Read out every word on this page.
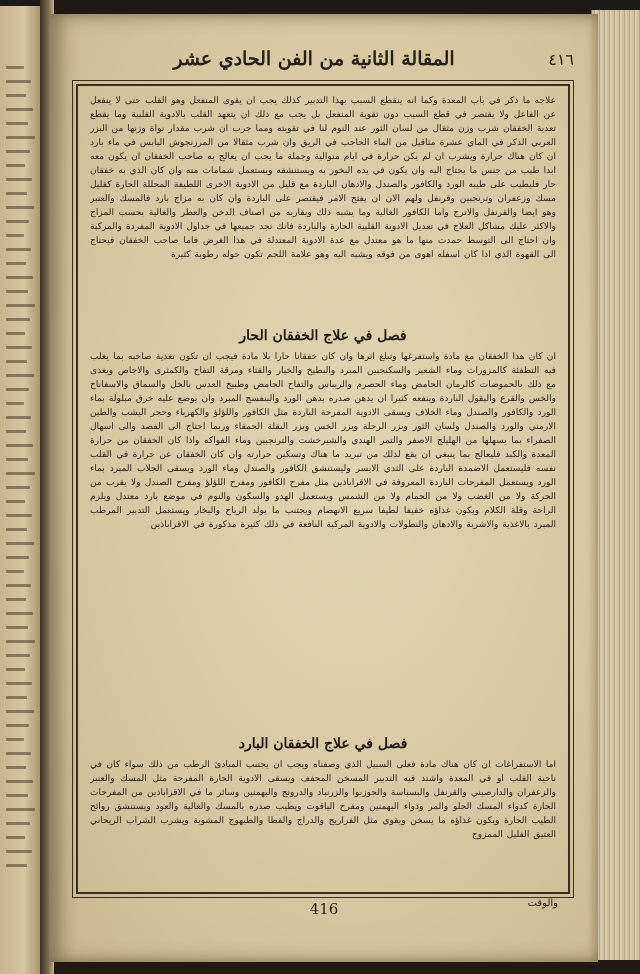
المقالة الثانية من الفن الحادي عشر	٤١٦

علاجه ما ذكر في باب المعدة وكما انه ينقطع السبب بهذا التدبير كذلك يجب ان يقوى المنفعل وهو القلب حتى لا ينفعل عن الفاعل ولا يقتصر في قطع السبب دون تقوية المنفعل بل يجب مع ذلك ان يتعهد القلب بالادوية القلبية وما يقطع تعدية الخفقان شرب وزن مثقال من لسان الثور عند النوم لنا في تقويته ومما جرب ان شرب مقدار نواة وزنها من البزر العربي الذكر في الماي عشرة مثاقيل من الماء الحاجب في الريق وان شرب مثقالا من المرزنجوش اليابس في ماء بارد ان كان هناك حرارة ويشرب ان لم يكن حرارة في ايام متوالية وجملة ما يجب ان يعالج به صاحب الخفقان ان يكون معه ابدا طيب من جنس ما يحتاج اليه وان يكون في يده البخور به ويستنشقه ويستعمل شمامات منه وان كان الذي به خفقان حار فليطيب على طيبه الورد والكافور والصندل والادهان الباردة مع قليل من الادوية الاخرى اللطيفة المحللة الحارة كقليل مسك وزعفران وترنجبين وقرنفل ولهم الان ان يفتح الامر فيقتصر على الباردة وان كان به مزاج بارد فالمسك والعنبر وهو ايضا والقرنفل والاترج واما الكافور الغالية وما يشبه ذلك ويقاربه من اصناف الدخن والعطر والغالية بحسب المزاج والاكثر عليك مشاكل العلاج في تعديل الادوية القلبية الحارة والباردة فانك تجد جميعها في جداول الادوية المفردة والمركبة وان احتاج الى التوسط حمدت منها ما هو معتدل مع عدة الادوية المعتدلة في هذا الغرض فاما صاحب الخفقان فيحتاج الى القهوة الذي اذا كان اسفله اهوى من فوقه ويشبه اليه وهو علامة اللحم تكون حوله رطوبة كثيرة

فصل في علاج الخفقان الحار

ان كان هذا الخفقان مع مادة واستفرغها وتبلغ اثرها وان كان خفقانا حارا بلا مادة فيجب ان تكون تغذية صاحبه بما يغلب فيه التطفئة كالمزورات وماء الشعير والسكنجبين المبرد والبطيخ والخيار والقثاء ومرقة التفاح والكمثرى والاجاص ويغذى مع ذلك بالحموضات كالرمان الحامض وماء الحصرم والريباس والتفاح الحامض وطبيخ العدس بالخل والسماق والاسفاناخ والخس والقرع والبقول الباردة وينفعه كثيرا ان يدهن صدره بدهن الورد والبنفسج المبرد وان يوضع عليه خرق مبلولة بماء الورد والكافور والصندل وماء الخلاف ويسقى الادوية المفرحة الباردة مثل الكافور واللؤلؤ والكهرباء وحجر اليشب والطين الارمني والورد والصندل ولسان الثور وبزر الرجلة وبزر الخس وبزر البقلة الحمقاء وربما احتاج الى الفصد والى اسهال الصفراء بما يسهلها من الهليلج الاصفر والتمر الهندي والشيرخشت والترنجبين وماء الفواكه واذا كان الخفقان من حرارة المعدة والكبد فليعالج بما ينبغي ان يقع لذلك من تبريد ما هناك وتسكين حرارته وان كان الخفقان عن حرارة في القلب نفسه فليستعمل الاضمدة الباردة على الثدي الايسر وليستنشق الكافور والصندل وماء الورد ويسقى الجلاب المبرد بماء الورد ويستعمل المفرحات الباردة المعروفة في الاقراباذين مثل مفرح الكافور ومفرح اللؤلؤ ومفرح الصندل ولا يقرب من الحركة ولا من الغضب ولا من الحمام ولا من الشمس ويستعمل الهدو والسكون والنوم في موضع بارد معتدل ويلزم الراحة وقلة الكلام ويكون غذاؤه خفيفا لطيفا سريع الانهضام ويجتنب ما يولد الرياح والبخار ويستعمل التدبير المرطب المبرد بالاغذية والاشربة والادهان والنطولات والادوية المركبة النافعة في ذلك كثيرة مذكورة في الاقراباذين

فصل في علاج الخفقان البارد

اما الاستفراغات ان كان هناك مادة فعلى السبيل الذي وصفناه ويجب ان يجتنب المبادئ الرطب من ذلك سواء كان في ناحية القلب او في المعدة واشتد فيه التدبير المسخن المجفف ويسقى الادوية الحارة المفرحة مثل المسك والعنبر والزعفران والدارصيني والقرنفل والبسباسة والجوزبوا والزرنباد والدرونج والبهمنين وسائر ما في الاقراباذين من المفرحات الحارة كدواء المسك الحلو والمر ودواء البهمنين ومفرح الياقوت ويطيب صدره بالمسك والغالية والعود ويستنشق روائح الطيب الحارة ويكون غذاؤه ما يسخن ويقوي مثل الفراريج والدراج والقطا والطيهوج المشوية ويشرب الشراب الريحاني العتيق القليل الممزوج

والوقت
416
